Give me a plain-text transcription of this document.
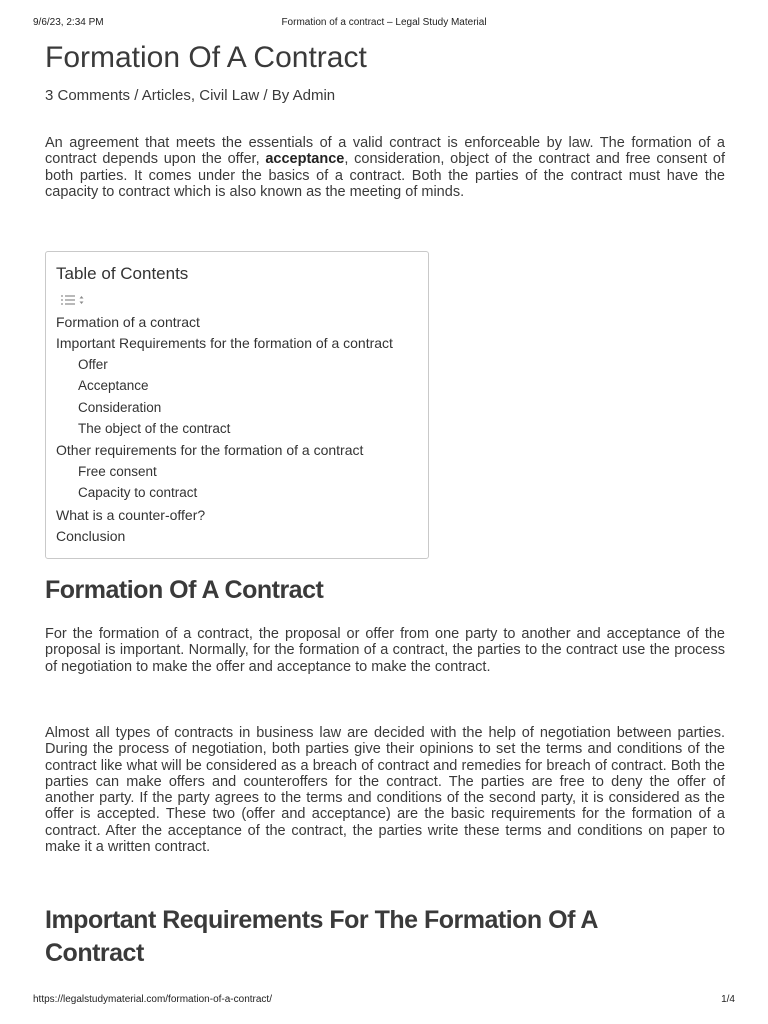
9/6/23, 2:34 PM	Formation of a contract – Legal Study Material
Formation Of A Contract
3 Comments / Articles, Civil Law / By Admin

An agreement that meets the essentials of a valid contract is enforceable by law. The formation of a contract depends upon the offer, acceptance, consideration, object of the contract and free consent of both parties. It comes under the basics of a contract. Both the parties of the contract must have the capacity to contract which is also known as the meeting of minds.

Table of Contents
Formation of a contract
Important Requirements for the formation of a contract
Offer
Acceptance
Consideration
The object of the contract
Other requirements for the formation of a contract
Free consent
Capacity to contract
What is a counter-offer?
Conclusion
Formation Of A Contract

For the formation of a contract, the proposal or offer from one party to another and acceptance of the proposal is important. Normally, for the formation of a contract, the parties to the contract use the process of negotiation to make the offer and acceptance to make the contract.

Almost all types of contracts in business law are decided with the help of negotiation between parties. During the process of negotiation, both parties give their opinions to set the terms and conditions of the contract like what will be considered as a breach of contract and remedies for breach of contract. Both the parties can make offers and counteroffers for the contract. The parties are free to deny the offer of another party. If the party agrees to the terms and conditions of the second party, it is considered as the offer is accepted. These two (offer and acceptance) are the basic requirements for the formation of a contract. After the acceptance of the contract, the parties write these terms and conditions on paper to make it a written contract.

Important Requirements For The Formation Of A Contract
https://legalstudymaterial.com/formation-of-a-contract/	1/4
